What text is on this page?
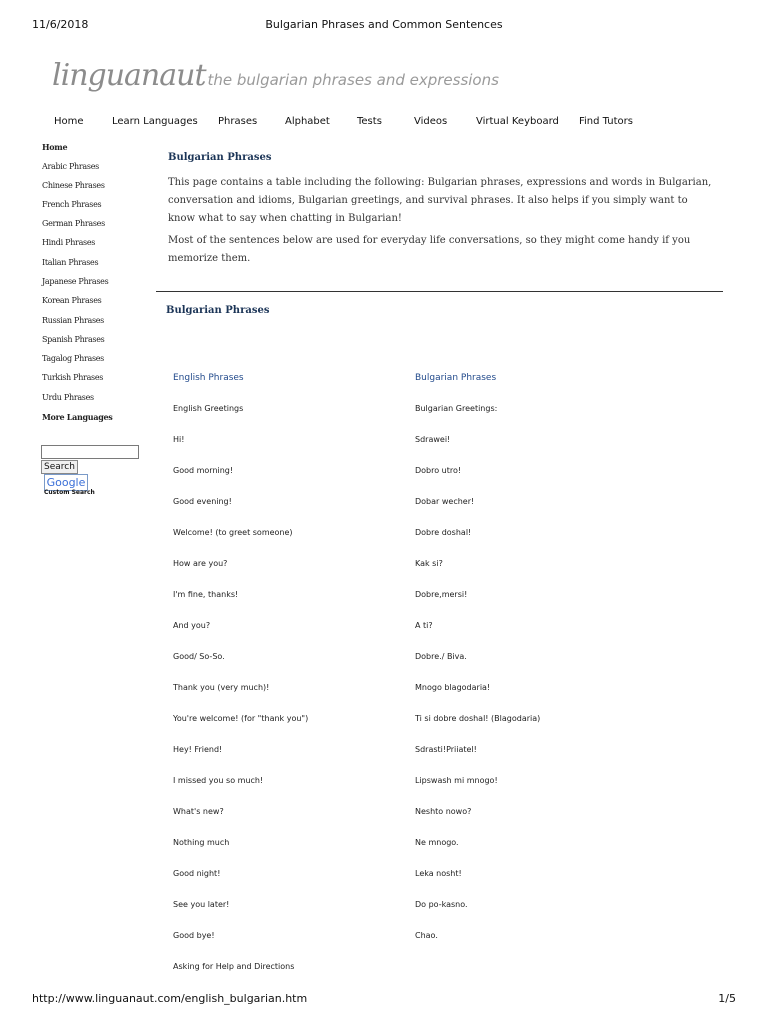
11/6/2018	Bulgarian Phrases and Common Sentences
linguanaut the bulgarian phrases and expressions
Home	Learn Languages Phrases	Alphabet	Tests	Videos	Virtual Keyboard Find Tutors
Home
Arabic Phrases
Chinese Phrases
French Phrases
German Phrases
Hindi Phrases
Italian Phrases
Japanese Phrases
Korean Phrases
Russian Phrases
Spanish Phrases
Tagalog Phrases
Turkish Phrases
Urdu Phrases
More Languages
Search
Google
Custom Search
Bulgarian Phrases

This page contains a table including the following: Bulgarian phrases, expressions and words in Bulgarian, conversation and idioms, Bulgarian greetings, and survival phrases. It also helps if you simply want to know what to say when chatting in Bulgarian!

Most of the sentences below are used for everyday life conversations, so they might come handy if you memorize them.

Bulgarian Phrases
English Phrases	Bulgarian Phrases
English Greetings	Bulgarian Greetings:
Hi!	Sdrawei!
Good morning!	Dobro utro!
Good evening!	Dobar wecher!
Welcome! (to greet someone)	Dobre doshal!
How are you?	Kak si?
I'm fine, thanks!	Dobre,mersi!
And you?	A ti?
Good/ So-So.	Dobre./ Biva.
Thank you (very much)!	Mnogo blagodaria!
You're welcome! (for "thank you")	Ti si dobre doshal! (Blagodaria)
Hey! Friend!	Sdrasti!Priiatel!
I missed you so much!	Lipswash mi mnogo!
What's new?	Neshto nowo?
Nothing much	Ne mnogo.
Good night!	Leka nosht!
See you later!	Do po-kasno.
Good bye!	Chao.
Asking for Help and Directions
http://www.linguanaut.com/english_bulgarian.htm	1/5
